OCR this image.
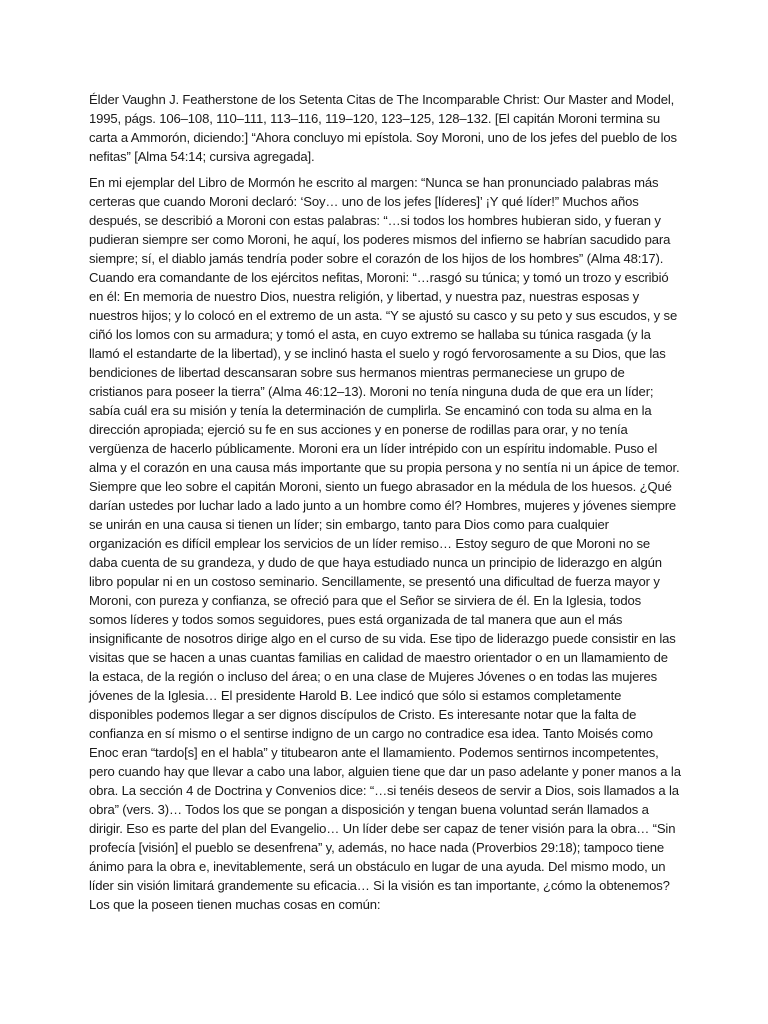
Élder Vaughn J. Featherstone de los Setenta Citas de The Incomparable Christ: Our Master and Model, 1995, págs. 106–108, 110–111, 113–116, 119–120, 123–125, 128–132. [El capitán Moroni termina su carta a Ammorón, diciendo:] “Ahora concluyo mi epístola. Soy Moroni, uno de los jefes del pueblo de los nefitas” [Alma 54:14; cursiva agregada].

En mi ejemplar del Libro de Mormón he escrito al margen: “Nunca se han pronunciado palabras más certeras que cuando Moroni declaró: ‘Soy… uno de los jefes [líderes]’ ¡Y qué líder!” Muchos años después, se describió a Moroni con estas palabras: “…si todos los hombres hubieran sido, y fueran y pudieran siempre ser como Moroni, he aquí, los poderes mismos del infierno se habrían sacudido para siempre; sí, el diablo jamás tendría poder sobre el corazón de los hijos de los hombres” (Alma 48:17). Cuando era comandante de los ejércitos nefitas, Moroni: “…rasgó su túnica; y tomó un trozo y escribió en él: En memoria de nuestro Dios, nuestra religión, y libertad, y nuestra paz, nuestras esposas y nuestros hijos; y lo colocó en el extremo de un asta. “Y se ajustó su casco y su peto y sus escudos, y se ciñó los lomos con su armadura; y tomó el asta, en cuyo extremo se hallaba su túnica rasgada (y la llamó el estandarte de la libertad), y se inclinó hasta el suelo y rogó fervorosamente a su Dios, que las bendiciones de libertad descansaran sobre sus hermanos mientras permaneciese un grupo de cristianos para poseer la tierra” (Alma 46:12–13). Moroni no tenía ninguna duda de que era un líder; sabía cuál era su misión y tenía la determinación de cumplirla. Se encaminó con toda su alma en la dirección apropiada; ejerció su fe en sus acciones y en ponerse de rodillas para orar, y no tenía vergüenza de hacerlo públicamente. Moroni era un líder intrépido con un espíritu indomable. Puso el alma y el corazón en una causa más importante que su propia persona y no sentía ni un ápice de temor. Siempre que leo sobre el capitán Moroni, siento un fuego abrasador en la médula de los huesos. ¿Qué darían ustedes por luchar lado a lado junto a un hombre como él? Hombres, mujeres y jóvenes siempre se unirán en una causa si tienen un líder; sin embargo, tanto para Dios como para cualquier organización es difícil emplear los servicios de un líder remiso… Estoy seguro de que Moroni no se daba cuenta de su grandeza, y dudo de que haya estudiado nunca un principio de liderazgo en algún libro popular ni en un costoso seminario. Sencillamente, se presentó una dificultad de fuerza mayor y Moroni, con pureza y confianza, se ofreció para que el Señor se sirviera de él. En la Iglesia, todos somos líderes y todos somos seguidores, pues está organizada de tal manera que aun el más insignificante de nosotros dirige algo en el curso de su vida. Ese tipo de liderazgo puede consistir en las visitas que se hacen a unas cuantas familias en calidad de maestro orientador o en un llamamiento de la estaca, de la región o incluso del área; o en una clase de Mujeres Jóvenes o en todas las mujeres jóvenes de la Iglesia… El presidente Harold B. Lee indicó que sólo si estamos completamente disponibles podemos llegar a ser dignos discípulos de Cristo. Es interesante notar que la falta de confianza en sí mismo o el sentirse indigno de un cargo no contradice esa idea. Tanto Moisés como Enoc eran “tardo[s] en el habla” y titubearon ante el llamamiento. Podemos sentirnos incompetentes, pero cuando hay que llevar a cabo una labor, alguien tiene que dar un paso adelante y poner manos a la obra. La sección 4 de Doctrina y Convenios dice: “…si tenéis deseos de servir a Dios, sois llamados a la obra” (vers. 3)… Todos los que se pongan a disposición y tengan buena voluntad serán llamados a dirigir. Eso es parte del plan del Evangelio… Un líder debe ser capaz de tener visión para la obra… “Sin profecía [visión] el pueblo se desenfrena” y, además, no hace nada (Proverbios 29:18); tampoco tiene ánimo para la obra e, inevitablemente, será un obstáculo en lugar de una ayuda. Del mismo modo, un líder sin visión limitará grandemente su eficacia… Si la visión es tan importante, ¿cómo la obtenemos? Los que la poseen tienen muchas cosas en común:
